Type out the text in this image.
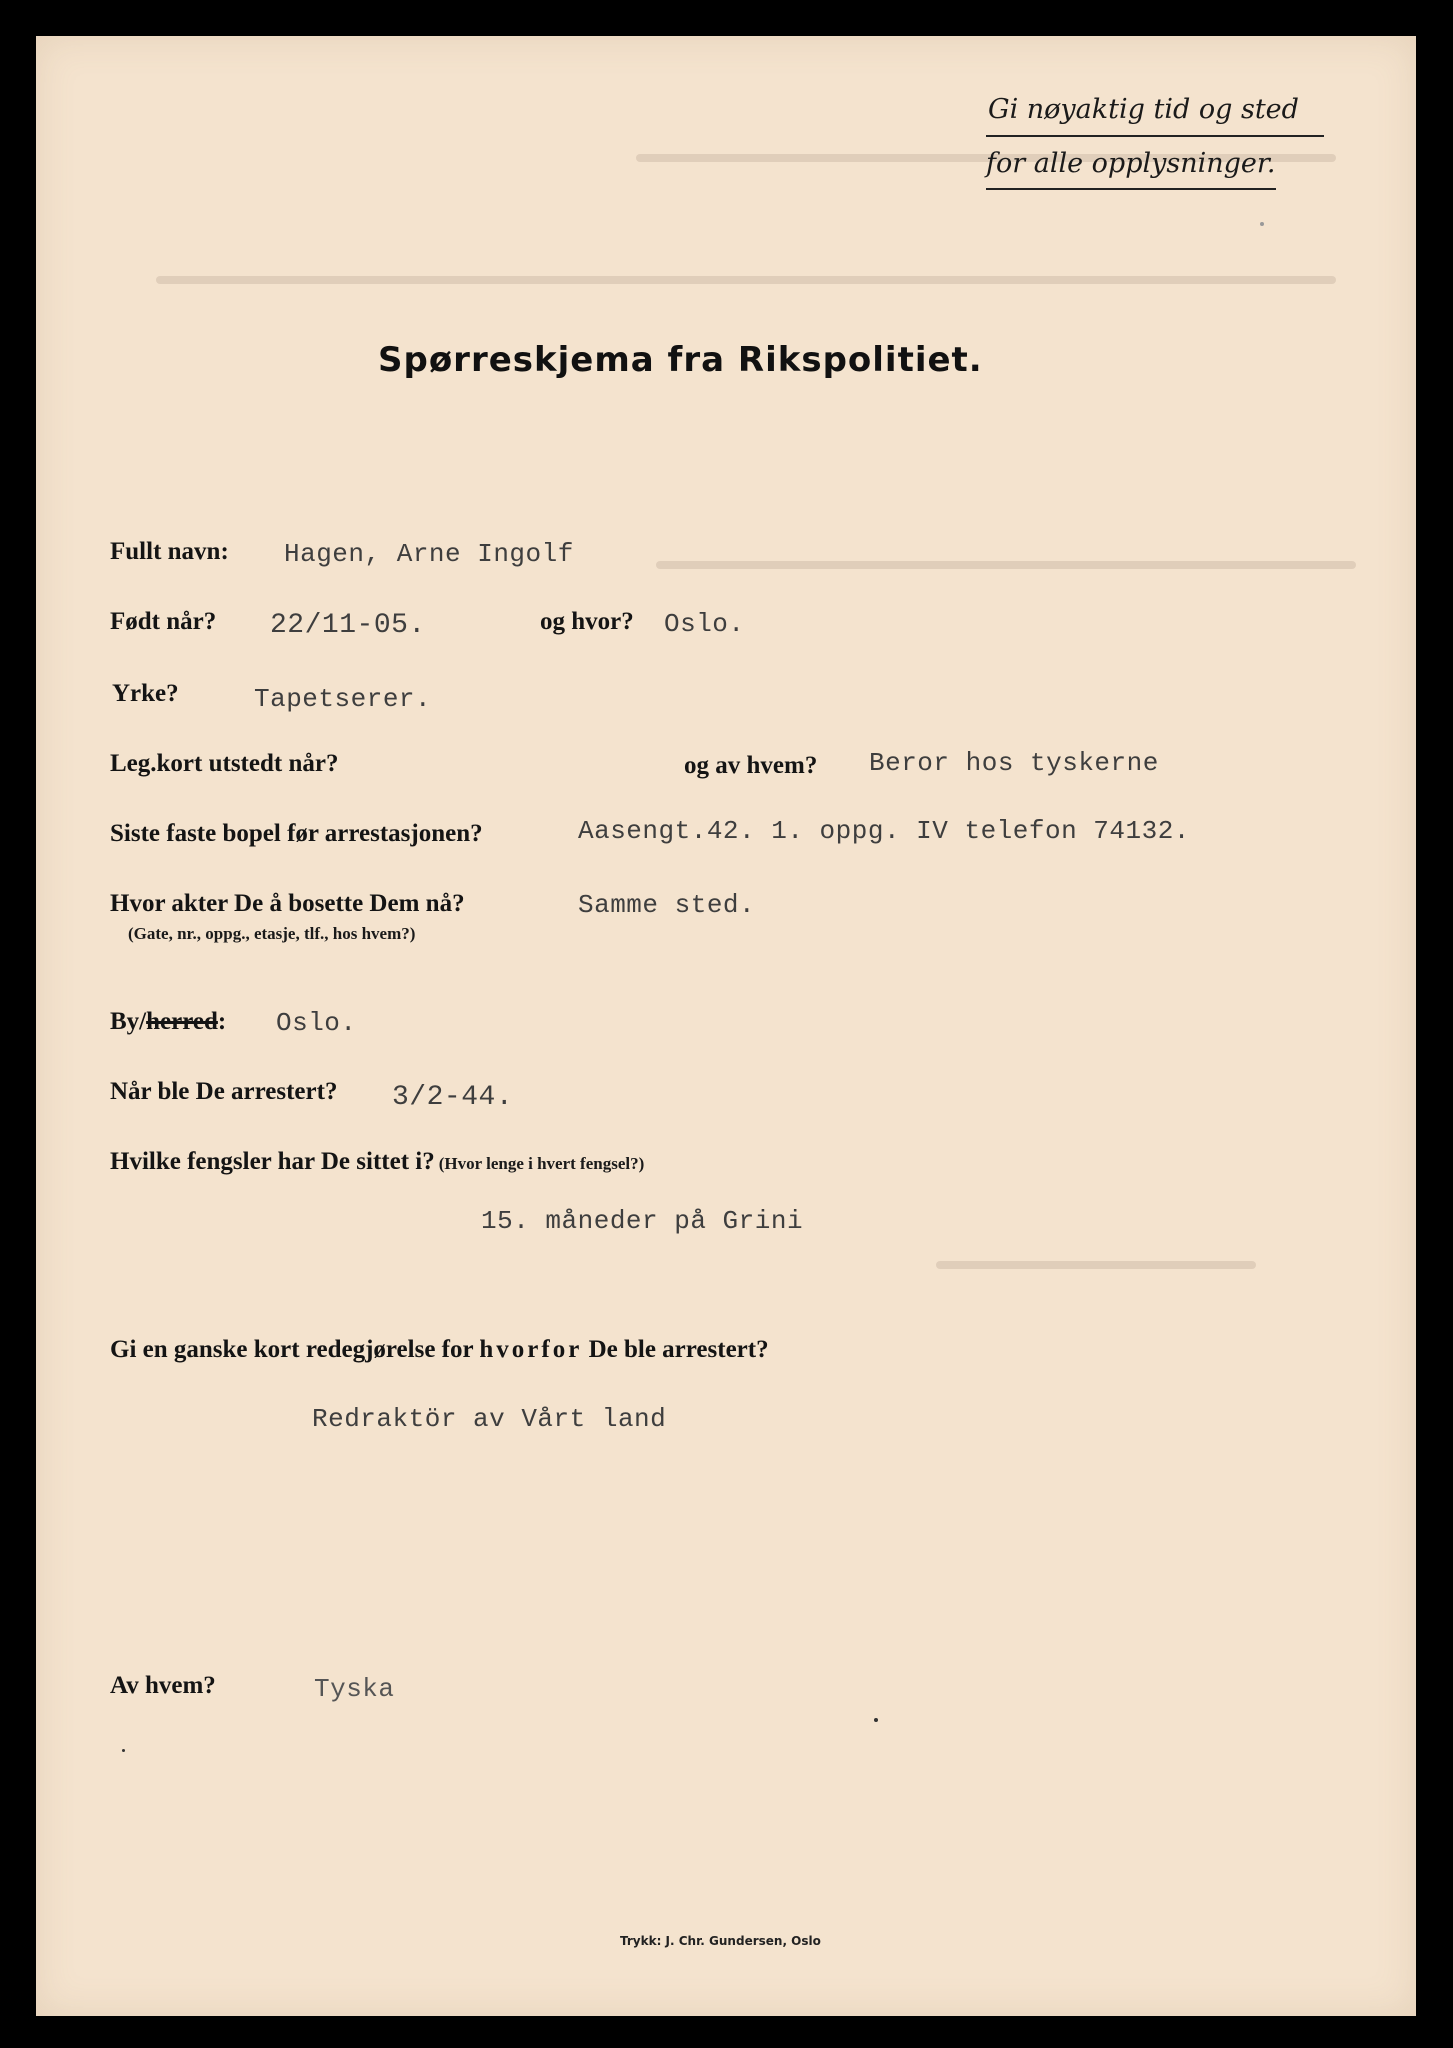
Gi nøyaktig tid og sted
for alle opplysninger.
Spørreskjema fra Rikspolitiet.
Fullt navn: Hagen, Arne Ingolf
Født når? 22/11-05.	og hvor? Oslo.
Yrke?	Tapetserer.
Leg.kort utstedt når?	og av hvem? Beror hos tyskerne
Siste faste bopel før arrestasjonen?	Aasengt.42. 1. oppg. IV telefon 74132.
Hvor akter De å bosette Dem nå?
(Gate, nr., oppg., etasje, tlf., hos hvem?)
Samme sted.
By/herred: Oslo.
Når ble De arrestert? 3/2-44.
Hvilke fengsler har De sittet i? (Hvor lenge i hvert fengsel?)
15. måneder på Grini
Gi en ganske kort redegjørelse for hvorfor De ble arrestert?
Redraktör av Vårt land
Av hvem?	Tyska
Trykk: J. Chr. Gundersen, Oslo
